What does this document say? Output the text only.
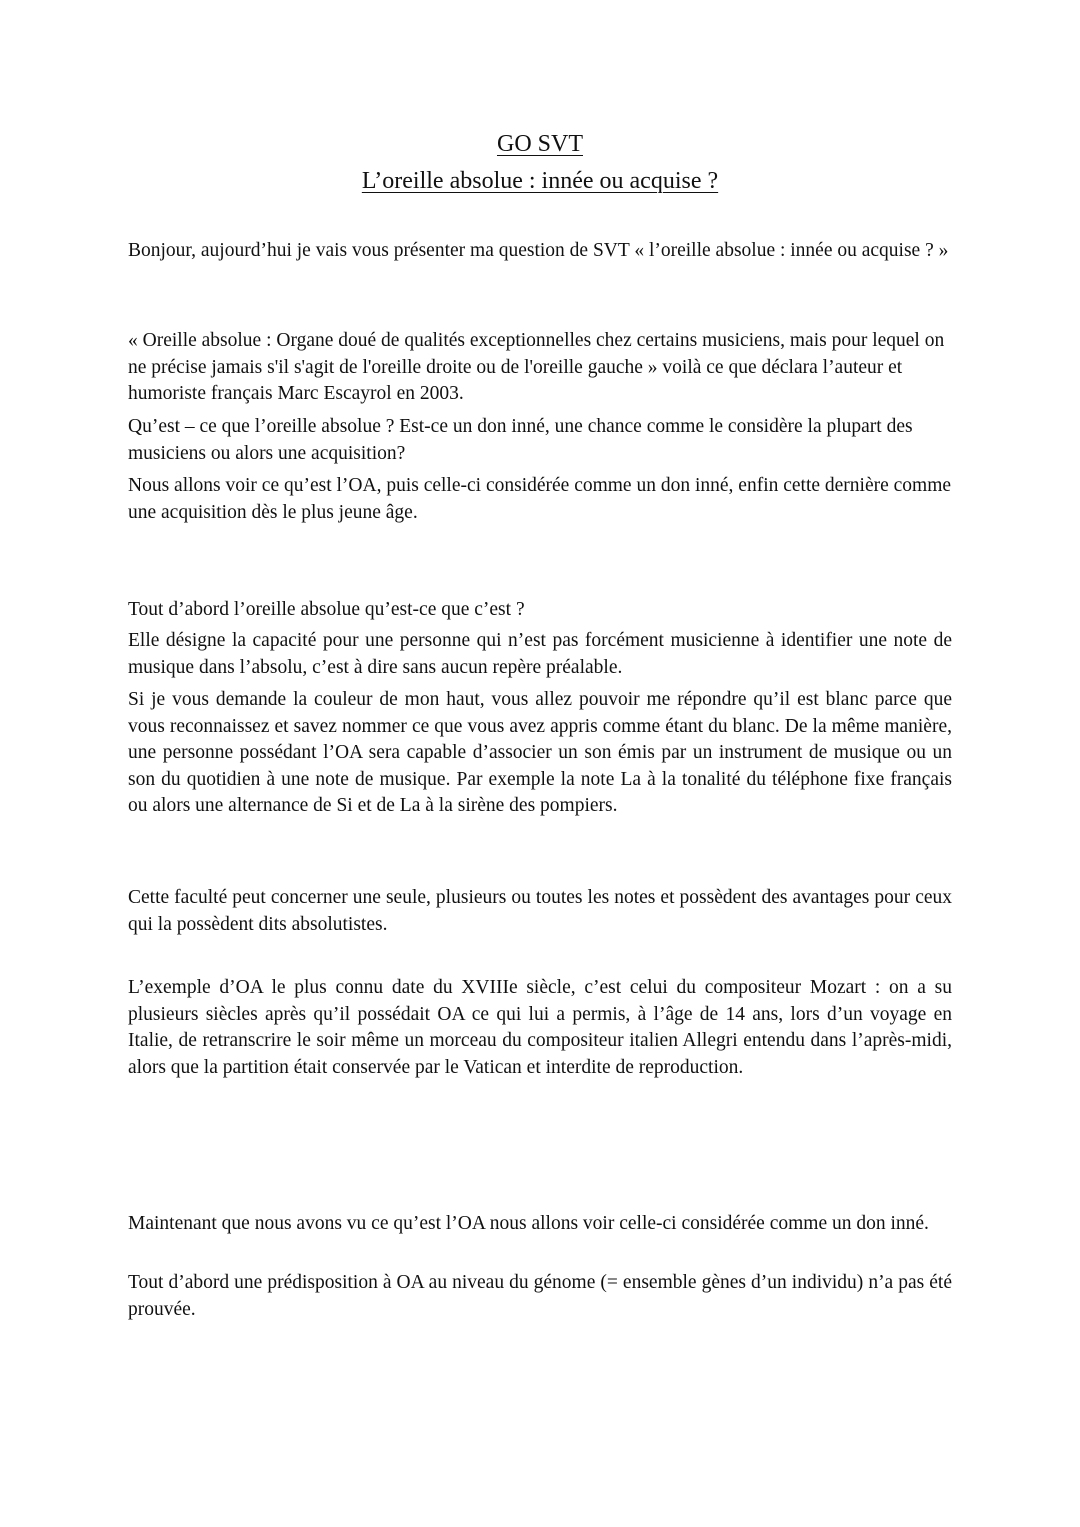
GO SVT
L’oreille absolue : innée ou acquise ?

Bonjour, aujourd’hui je vais vous présenter ma question de SVT « l’oreille absolue : innée ou acquise ? »

« Oreille absolue : Organe doué de qualités exceptionnelles chez certains musiciens, mais pour lequel on ne précise jamais s'il s'agit de l'oreille droite ou de l'oreille gauche » voilà ce que déclara l’auteur et humoriste français Marc Escayrol en 2003.

Qu’est – ce que l’oreille absolue ? Est-ce un don inné, une chance comme le considère la plupart des musiciens ou alors une acquisition?

Nous allons voir ce qu’est l’OA, puis celle-ci considérée comme un don inné, enfin cette dernière comme une acquisition dès le plus jeune âge.

Tout d’abord l’oreille absolue qu’est-ce que c’est ?

Elle désigne la capacité pour une personne qui n’est pas forcément musicienne à identifier une note de musique dans l’absolu, c’est à dire sans aucun repère préalable.

Si je vous demande la couleur de mon haut, vous allez pouvoir me répondre qu’il est blanc parce que vous reconnaissez et savez nommer ce que vous avez appris comme étant du blanc. De la même manière, une personne possédant l’OA sera capable d’associer un son émis par un instrument de musique ou un son du quotidien à une note de musique. Par exemple la note La à la tonalité du téléphone fixe français ou alors une alternance de Si et de La à la sirène des pompiers.

Cette faculté peut concerner une seule, plusieurs ou toutes les notes et possèdent des avantages pour ceux qui la possèdent dits absolutistes.

L’exemple d’OA le plus connu date du XVIIIe siècle, c’est celui du compositeur Mozart : on a su plusieurs siècles après qu’il possédait OA ce qui lui a permis, à l’âge de 14 ans, lors d’un voyage en Italie, de retranscrire le soir même un morceau du compositeur italien Allegri entendu dans l’après-midi, alors que la partition était conservée par le Vatican et interdite de reproduction.

Maintenant que nous avons vu ce qu’est l’OA nous allons voir celle-ci considérée comme un don inné.

Tout d’abord une prédisposition à OA au niveau du génome (= ensemble gènes d’un individu) n’a pas été prouvée.
